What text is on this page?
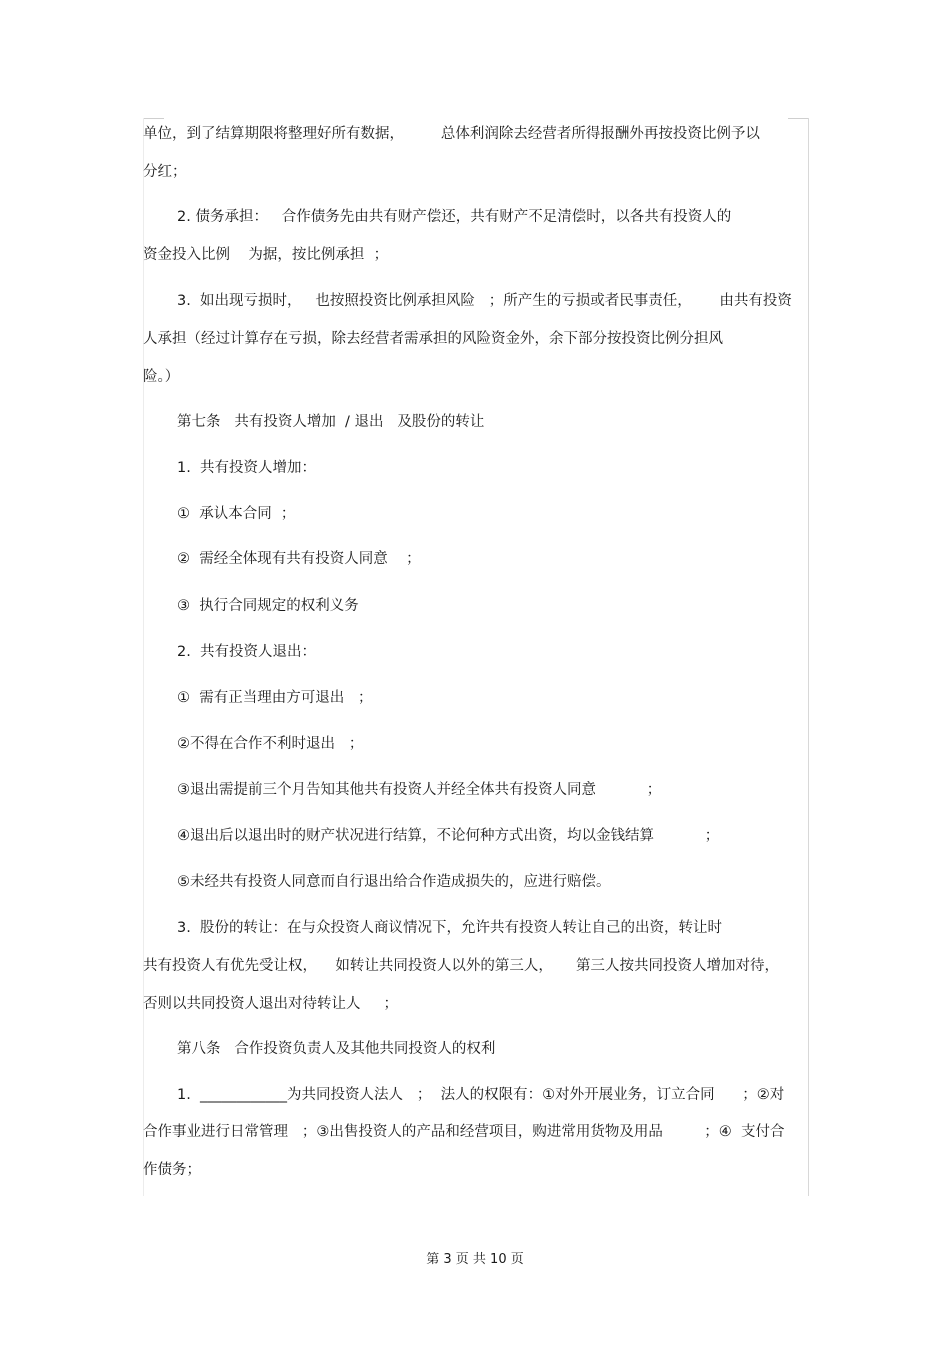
单位，到了结算期限将整理好所有数据，        总体利润除去经营者所得报酬外再按投资比例予以
分红；
2. 债务承担：   合作债务先由共有财产偿还，共有财产不足清偿时，以各共有投资人的
资金投入比例    为据，按比例承担  ；
3.  如出现亏损时，   也按照投资比例承担风险   ；所产生的亏损或者民事责任，      由共有投资
人承担（经过计算存在亏损，除去经营者需承担的风险资金外，余下部分按投资比例分担风
险。）
第七条   共有投资人增加  / 退出   及股份的转让
1.  共有投资人增加：
①  承认本合同  ；
②  需经全体现有共有投资人同意    ；
③  执行合同规定的权利义务
2.  共有投资人退出：
①  需有正当理由方可退出   ；
②不得在合作不利时退出   ；
③退出需提前三个月告知其他共有投资人并经全体共有投资人同意           ；
④退出后以退出时的财产状况进行结算，不论何种方式出资，均以金钱结算           ；
⑤未经共有投资人同意而自行退出给合作造成损失的，应进行赔偿。
3.  股份的转让：在与众投资人商议情况下，允许共有投资人转让自己的出资，转让时
共有投资人有优先受让权，    如转让共同投资人以外的第三人，     第三人按共同投资人增加对待，
否则以共同投资人退出对待转让人     ；
第八条   合作投资负责人及其他共同投资人的权利
1.  ____________为共同投资人法人   ；  法人的权限有：①对外开展业务，订立合同      ；②对
合作事业进行日常管理   ；③出售投资人的产品和经营项目，购进常用货物及用品         ；④  支付合
作债务；
第 3 页 共 10 页
